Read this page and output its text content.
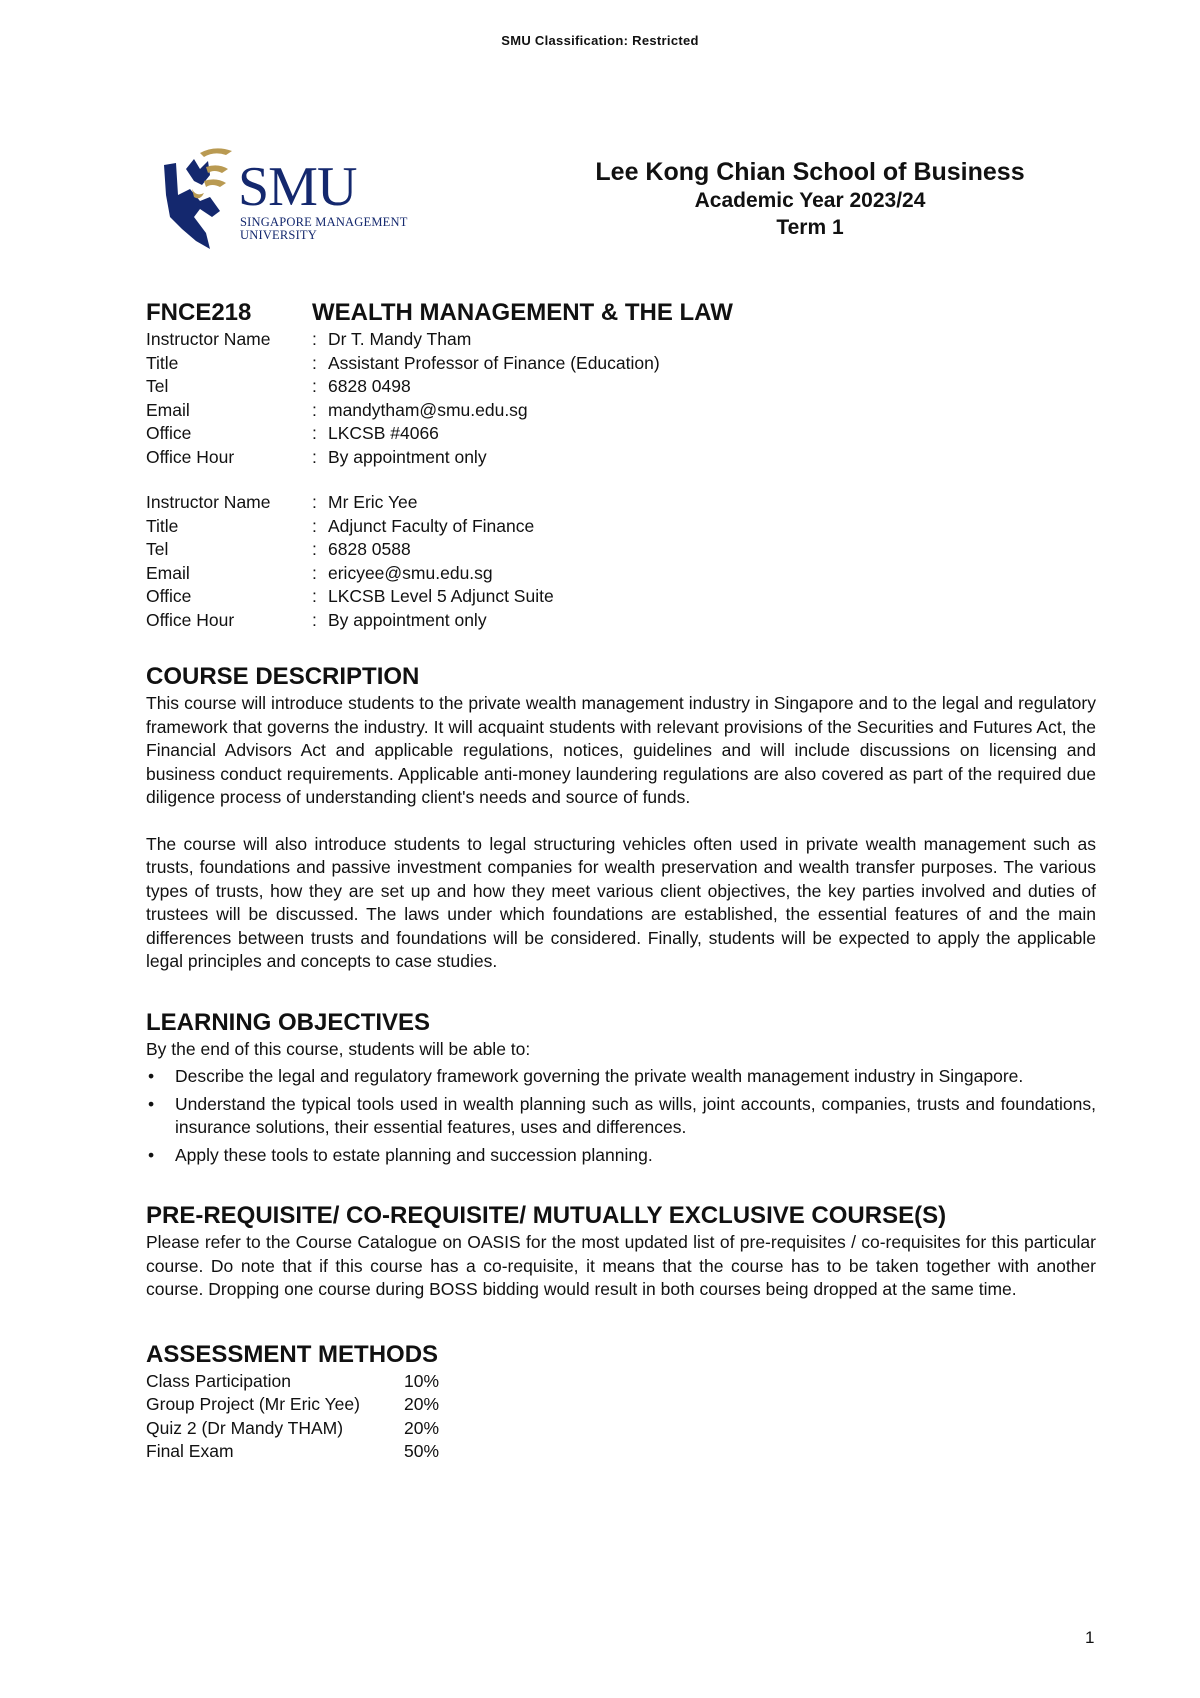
SMU Classification: Restricted
SMU
SINGAPORE MANAGEMENT
UNIVERSITY
Lee Kong Chian School of Business
Academic Year 2023/24
Term 1
FNCE218	WEALTH MANAGEMENT & THE LAW
Instructor Name	: Dr T. Mandy Tham
Title	: Assistant Professor of Finance (Education)
Tel	: 6828 0498
Email	: mandytham@smu.edu.sg
Office	: LKCSB #4066
Office Hour	: By appointment only
Instructor Name	: Mr Eric Yee
Title	: Adjunct Faculty of Finance
Tel	: 6828 0588
Email	: ericyee@smu.edu.sg
Office	: LKCSB Level 5 Adjunct Suite
Office Hour	: By appointment only
COURSE DESCRIPTION

This course will introduce students to the private wealth management industry in Singapore and to the legal and regulatory framework that governs the industry. It will acquaint students with relevant provisions of the Securities and Futures Act, the Financial Advisors Act and applicable regulations, notices, guidelines and will include discussions on licensing and business conduct requirements. Applicable anti-money laundering regulations are also covered as part of the required due diligence process of understanding client's needs and source of funds.

The course will also introduce students to legal structuring vehicles often used in private wealth management such as trusts, foundations and passive investment companies for wealth preservation and wealth transfer purposes. The various types of trusts, how they are set up and how they meet various client objectives, the key parties involved and duties of trustees will be discussed. The laws under which foundations are established, the essential features of and the main differences between trusts and foundations will be considered. Finally, students will be expected to apply the applicable legal principles and concepts to case studies.

LEARNING OBJECTIVES

By the end of this course, students will be able to:

• Describe the legal and regulatory framework governing the private wealth management industry in Singapore.
• Understand the typical tools used in wealth planning such as wills, joint accounts, companies, trusts and foundations, insurance solutions, their essential features, uses and differences.
• Apply these tools to estate planning and succession planning.
PRE-REQUISITE/ CO-REQUISITE/ MUTUALLY EXCLUSIVE COURSE(S)

Please refer to the Course Catalogue on OASIS for the most updated list of pre-requisites / co-requisites for this particular course. Do note that if this course has a co-requisite, it means that the course has to be taken together with another course. Dropping one course during BOSS bidding would result in both courses being dropped at the same time.

ASSESSMENT METHODS
Class Participation	10%
Group Project (Mr Eric Yee)	20%
Quiz 2 (Dr Mandy THAM)	20%
Final Exam	50%
1
